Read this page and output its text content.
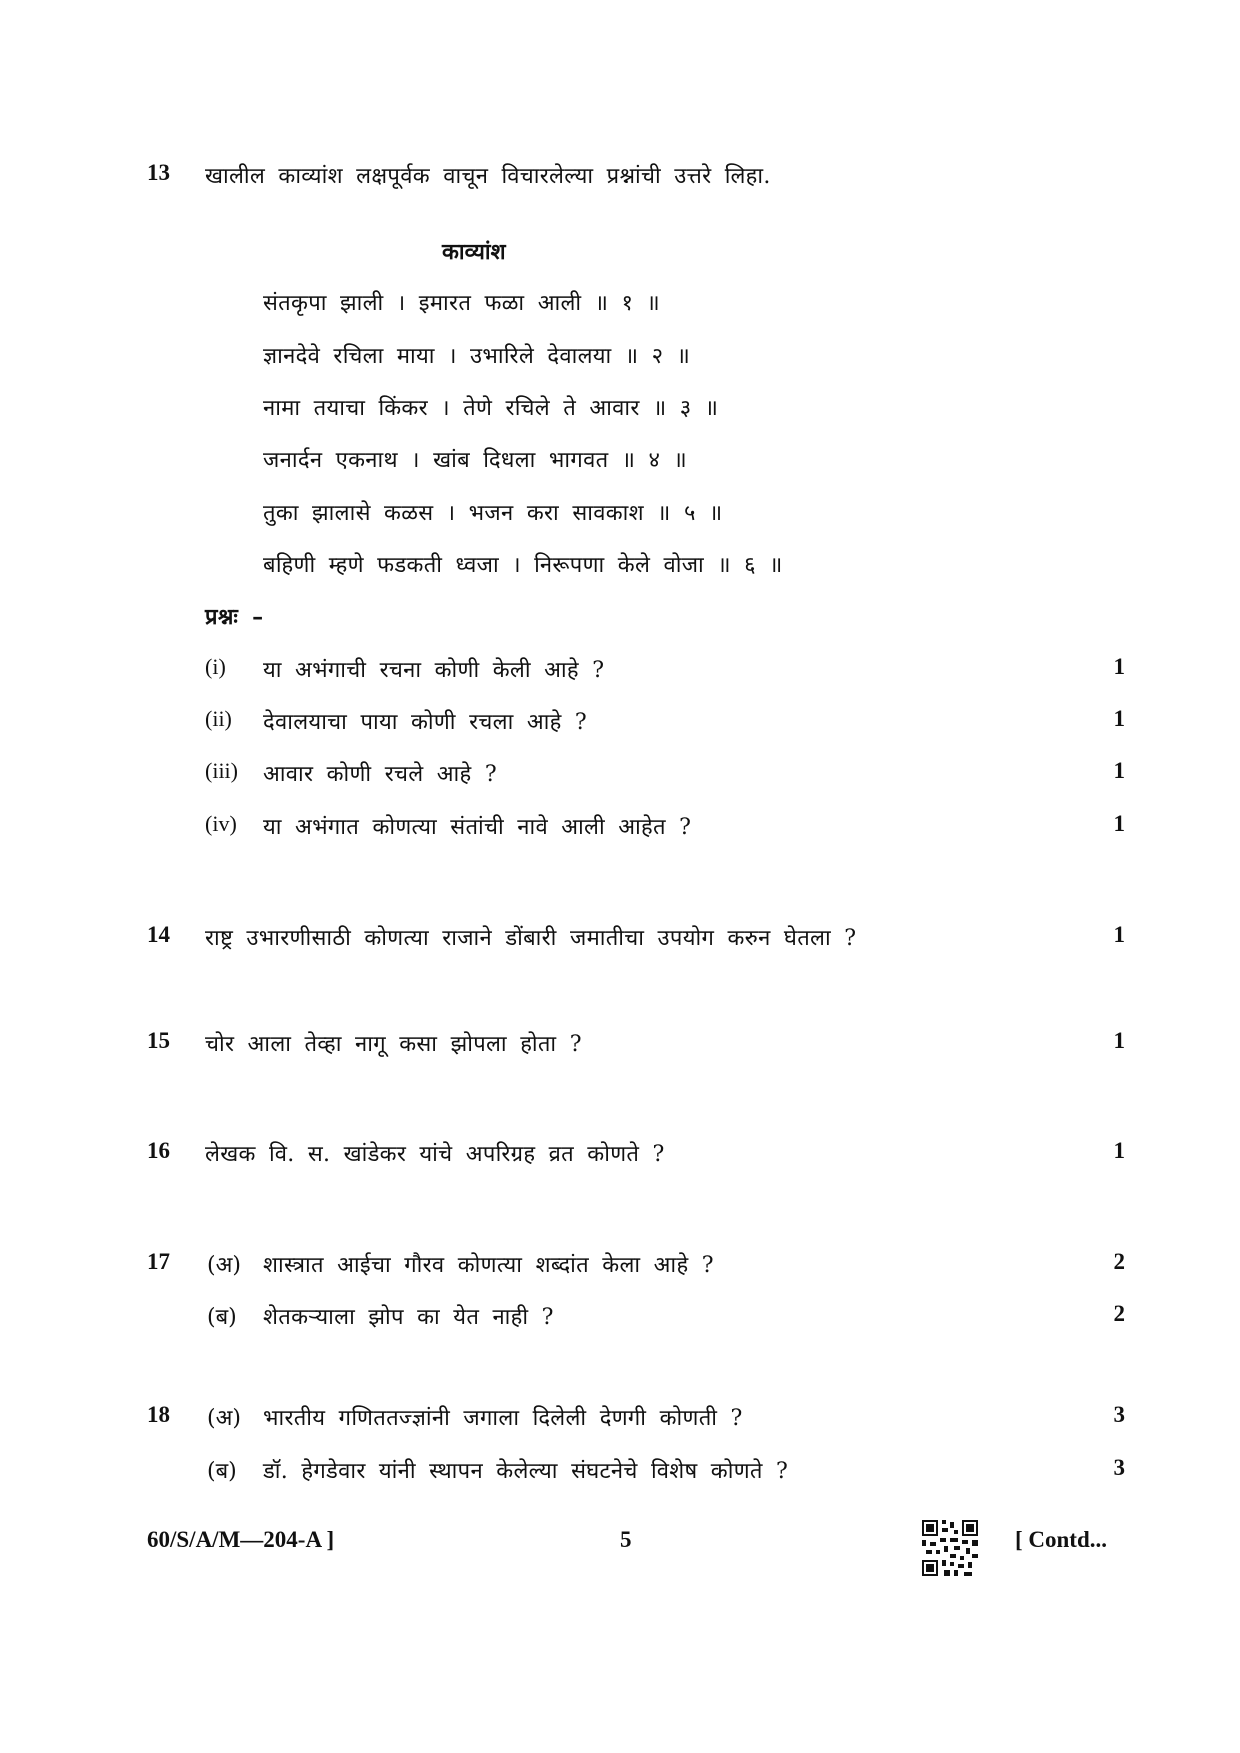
13	खालील काव्यांश लक्षपूर्वक वाचून विचारलेल्या प्रश्नांची उत्तरे लिहा.
काव्यांश
संतकृपा झाली । इमारत फळा आली ॥ १ ॥
ज्ञानदेवे रचिला माया । उभारिले देवालया ॥ २ ॥
नामा तयाचा किंकर । तेणे रचिले ते आवार ॥ ३ ॥
जनार्दन एकनाथ । खांब दिधला भागवत ॥ ४ ॥
तुका झालासे कळस । भजन करा सावकाश ॥ ५ ॥
बहिणी म्हणे फडकती ध्वजा । निरूपणा केले वोजा ॥ ६ ॥
प्रश्नः –
(i) या अभंगाची रचना कोणी केली आहे ?	1
(ii) देवालयाचा पाया कोणी रचला आहे ?	1
(iii) आवार कोणी रचले आहे ?	1
(iv) या अभंगात कोणत्या संतांची नावे आली आहेत ?	1
14	राष्ट्र उभारणीसाठी कोणत्या राजाने डोंबारी जमातीचा उपयोग करुन घेतला ?	1
15	चोर आला तेव्हा नागू कसा झोपला होता ?	1
16	लेखक वि. स. खांडेकर यांचे अपरिग्रह व्रत कोणते ?	1
17	(अ) शास्त्रात आईचा गौरव कोणत्या शब्दांत केला आहे ?	2
(ब) शेतकऱ्याला झोप का येत नाही ?	2
18	(अ) भारतीय गणिततज्ज्ञांनी जगाला दिलेली देणगी कोणती ?	3
(ब) डॉ. हेगडेवार यांनी स्थापन केलेल्या संघटनेचे विशेष कोणते ?	3
60/S/A/M—204-A ]	5	[ Contd...
